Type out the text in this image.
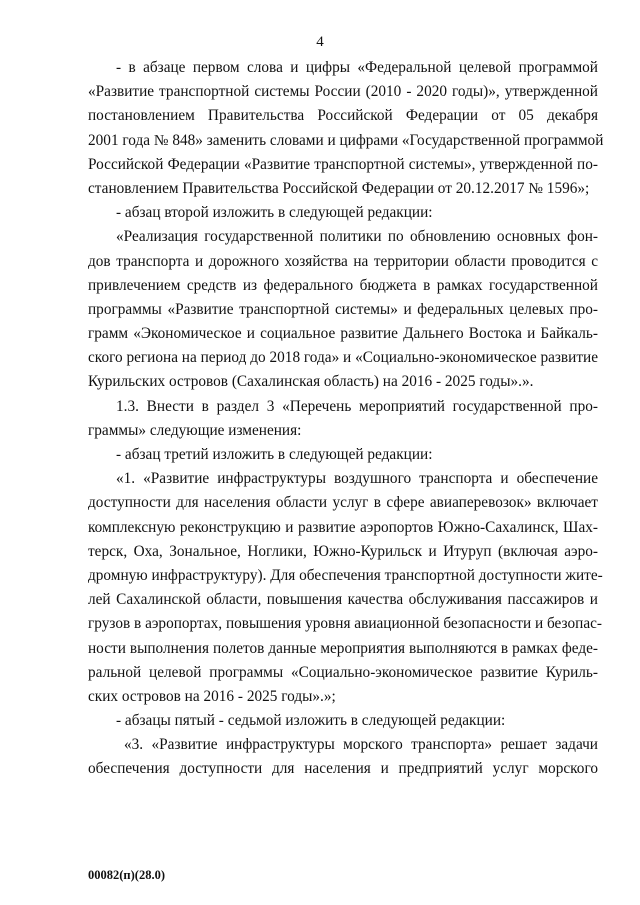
4
- в абзаце первом слова и цифры «Федеральной целевой программой
«Развитие транспортной системы России (2010 - 2020 годы)», утвержденной
постановлением Правительства Российской Федерации от 05 декабря
2001 года № 848» заменить словами и цифрами «Государственной программой
Российской Федерации «Развитие транспортной системы», утвержденной по-
становлением Правительства Российской Федерации от 20.12.2017 № 1596»;
- абзац второй изложить в следующей редакции:
«Реализация государственной политики по обновлению основных фон-
дов транспорта и дорожного хозяйства на территории области проводится с
привлечением средств из федерального бюджета в рамках государственной
программы «Развитие транспортной системы» и федеральных целевых про-
грамм «Экономическое и социальное развитие Дальнего Востока и Байкаль-
ского региона на период до 2018 года» и «Социально-экономическое развитие
Курильских островов (Сахалинская область) на 2016 - 2025 годы».».
1.3. Внести в раздел 3 «Перечень мероприятий государственной про-
граммы» следующие изменения:
- абзац третий изложить в следующей редакции:
«1. «Развитие инфраструктуры воздушного транспорта и обеспечение
доступности для населения области услуг в сфере авиаперевозок» включает
комплексную реконструкцию и развитие аэропортов Южно-Сахалинск, Шах-
терск, Оха, Зональное, Ноглики, Южно-Курильск и Итуруп (включая аэро-
дромную инфраструктуру). Для обеспечения транспортной доступности жите-
лей Сахалинской области, повышения качества обслуживания пассажиров и
грузов в аэропортах, повышения уровня авиационной безопасности и безопас-
ности выполнения полетов данные мероприятия выполняются в рамках феде-
ральной целевой программы «Социально-экономическое развитие Куриль-
ских островов на 2016 - 2025 годы».»;
- абзацы пятый - седьмой изложить в следующей редакции:
«3. «Развитие инфраструктуры морского транспорта» решает задачи
обеспечения доступности для населения и предприятий услуг морского
00082(п)(28.0)
